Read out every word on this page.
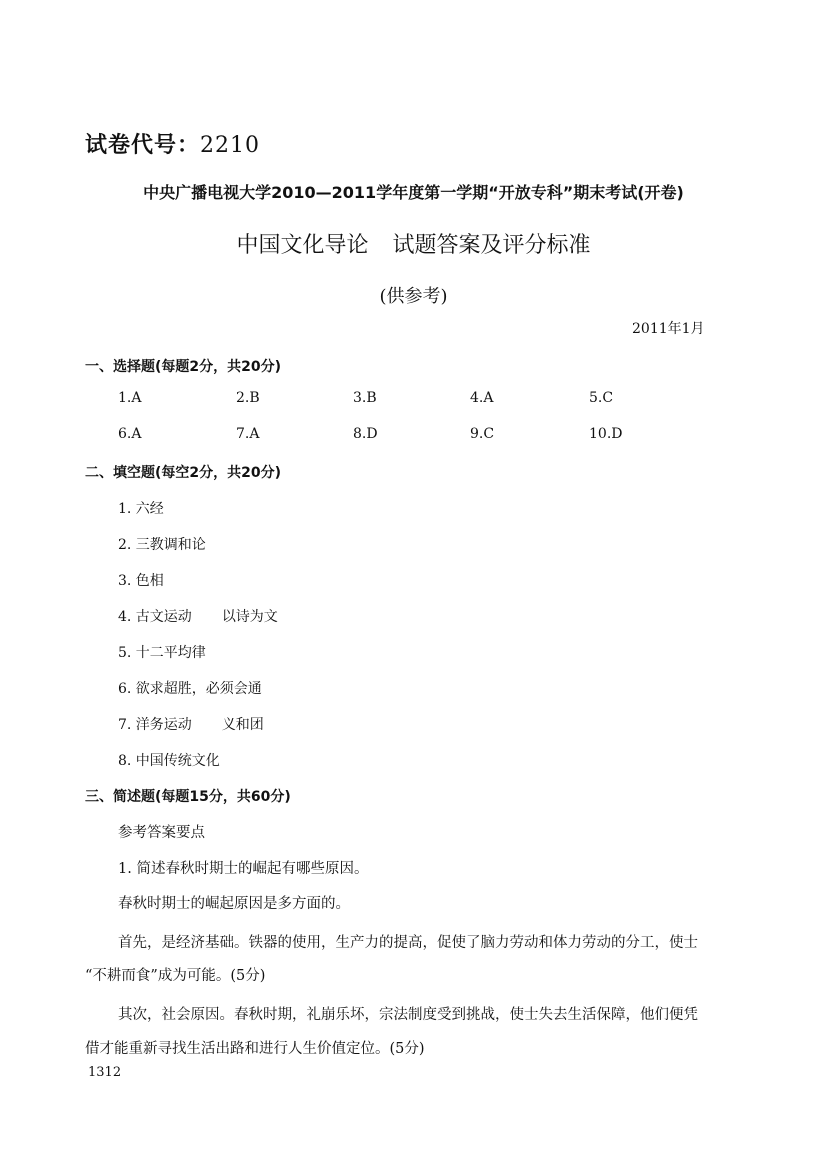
试卷代号：2210
中央广播电视大学2010—2011学年度第一学期“开放专科”期末考试(开卷)
中国文化导论 试题答案及评分标准
(供参考)
2011年1月
一、选择题(每题2分，共20分)
1.A	2.B	3.B	4.A	5.C
6.A	7.A	8.D	9.C	10.D
二、填空题(每空2分，共20分)
1. 六经
2. 三教调和论
3. 色相
4. 古文运动 以诗为文
5. 十二平均律
6. 欲求超胜，必须会通
7. 洋务运动 义和团
8. 中国传统文化
三、简述题(每题15分，共60分)
参考答案要点
1. 简述春秋时期士的崛起有哪些原因。
春秋时期士的崛起原因是多方面的。
首先，是经济基础。铁器的使用，生产力的提高，促使了脑力劳动和体力劳动的分工，使士
“不耕而食”成为可能。(5分)
其次，社会原因。春秋时期，礼崩乐坏，宗法制度受到挑战，使士失去生活保障，他们便凭
借才能重新寻找生活出路和进行人生价值定位。(5分)
1312
